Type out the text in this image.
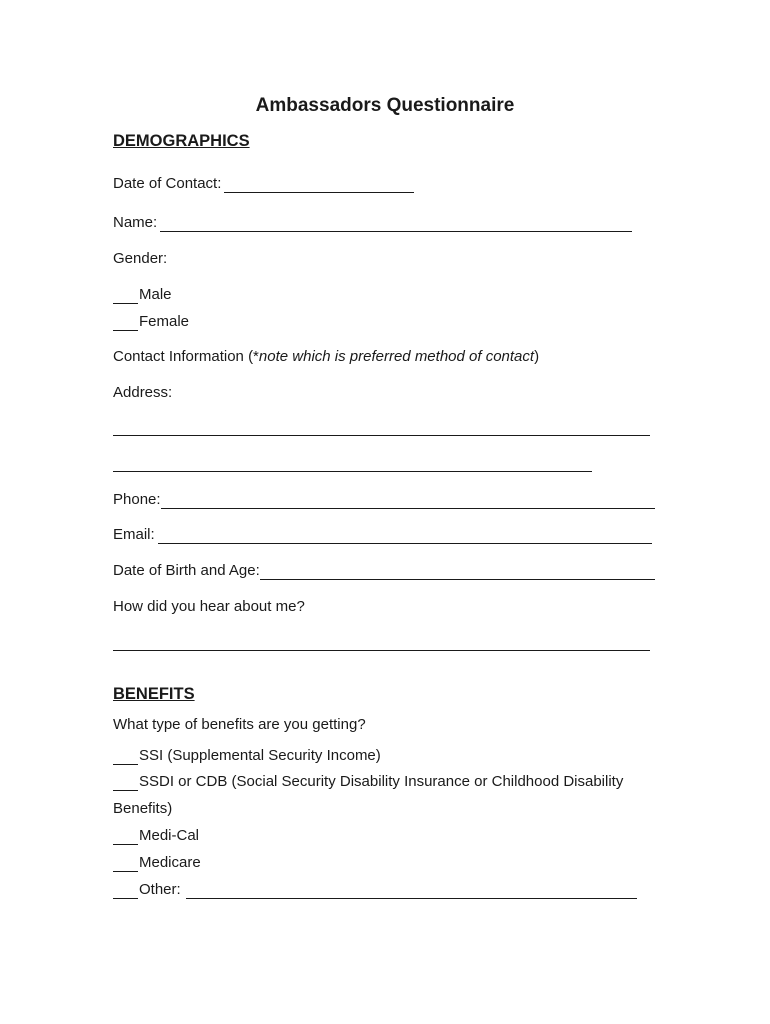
Ambassadors Questionnaire
DEMOGRAPHICS
Date of Contact:
Name:
Gender:
Male
Female
Contact Information (*note which is preferred method of contact)
Address:
Phone:
Email:
Date of Birth and Age:
How did you hear about me?
BENEFITS
What type of benefits are you getting?
SSI (Supplemental Security Income)
SSDI or CDB (Social Security Disability Insurance or Childhood Disability
Benefits)
Medi-Cal
Medicare
Other:
